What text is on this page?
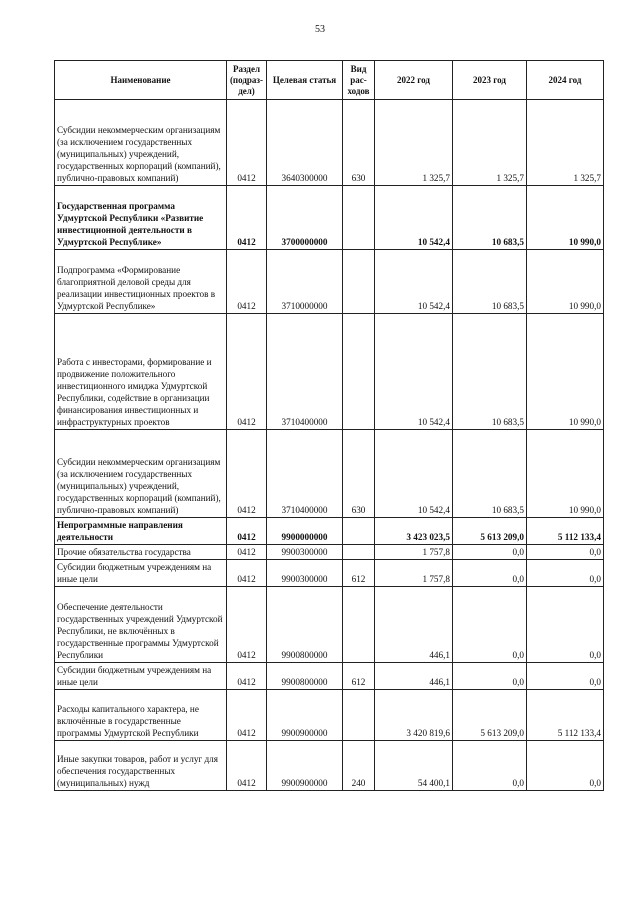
53
Наименование	Раздел (подраз-дел)	Целевая статья	Вид рас-ходов	2022 год	2023 год	2024 год
Субсидии некоммерческим организациям (за исключением государственных (муниципальных) учреждений, государственных корпораций (компаний), публично-правовых компаний)	0412	3640300000	630	1 325,7	1 325,7	1 325,7
Государственная программа Удмуртской Республики «Развитие инвестиционной деятельности в Удмуртской Республике»	0412	3700000000		10 542,4	10 683,5	10 990,0
Подпрограмма «Формирование благоприятной деловой среды для реализации инвестиционных проектов в Удмуртской Республике»	0412	3710000000		10 542,4	10 683,5	10 990,0
Работа с инвесторами, формирование и продвижение положительного инвестиционного имиджа Удмуртской Республики, содействие в организации финансирования инвестиционных и инфраструктурных проектов	0412	3710400000		10 542,4	10 683,5	10 990,0
Субсидии некоммерческим организациям (за исключением государственных (муниципальных) учреждений, государственных корпораций (компаний), публично-правовых компаний)	0412	3710400000	630	10 542,4	10 683,5	10 990,0
Непрограммные направления деятельности	0412	9900000000		3 423 023,5	5 613 209,0	5 112 133,4
Прочие обязательства государства	0412	9900300000		1 757,8	0,0	0,0
Субсидии бюджетным учреждениям на иные цели	0412	9900300000	612	1 757,8	0,0	0,0
Обеспечение деятельности государственных учреждений Удмуртской Республики, не включённых в государственные программы Удмуртской Республики	0412	9900800000		446,1	0,0	0,0
Субсидии бюджетным учреждениям на иные цели	0412	9900800000	612	446,1	0,0	0,0
Расходы капитального характера, не включённые в государственные программы Удмуртской Республики	0412	9900900000		3 420 819,6	5 613 209,0	5 112 133,4
Иные закупки товаров, работ и услуг для обеспечения государственных (муниципальных) нужд	0412	9900900000	240	54 400,1	0,0	0,0
